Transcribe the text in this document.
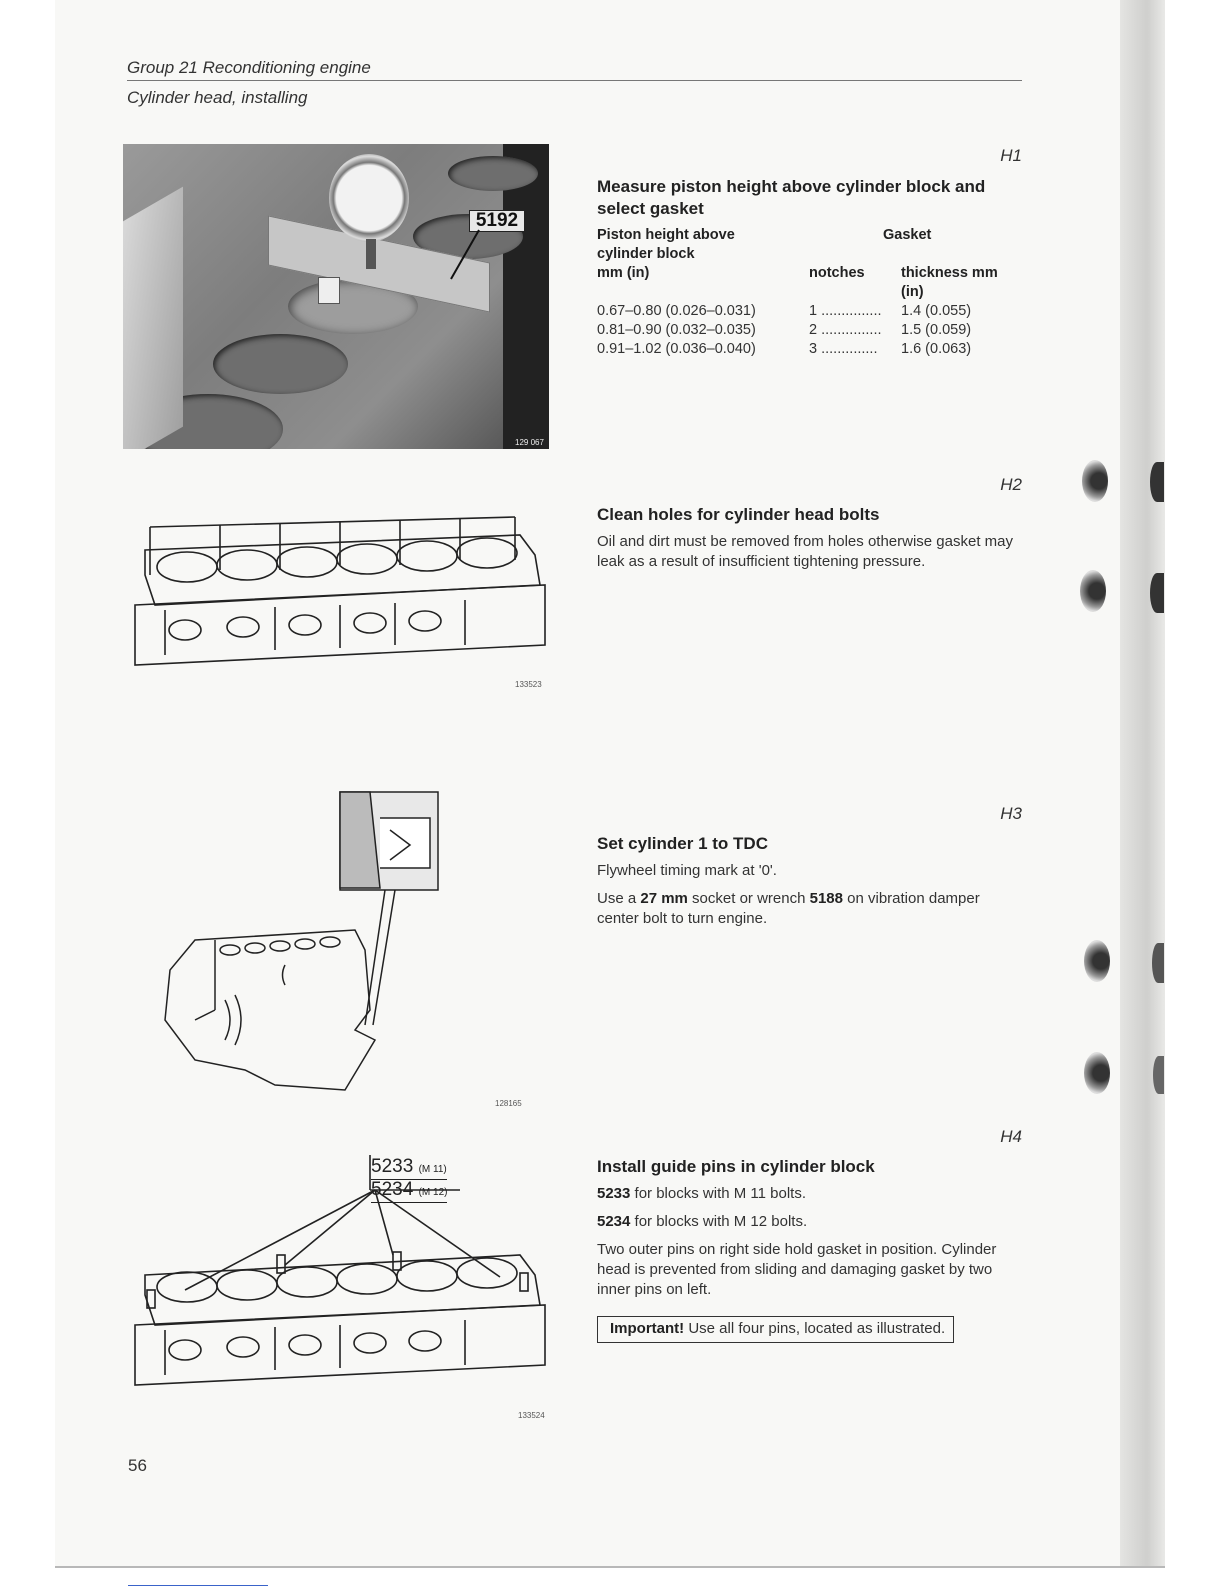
Group 21 Reconditioning engine
Cylinder head, installing
5192
129 067
H1
Measure piston height above cylinder block and select gasket
Piston height above
cylinder block
mm (in)	notches	Gasket

thickness mm
(in)
0.67–0.80 (0.026–0.031)	1 ...............	1.4 (0.055)
0.81–0.90 (0.032–0.035)	2 ...............	1.5 (0.059)
0.91–1.02 (0.036–0.040)	3 ..............	1.6 (0.063)
133523
H2
Clean holes for cylinder head bolts

Oil and dirt must be removed from holes otherwise gasket may leak as a result of insufficient tightening pressure.

128165
H3
Set cylinder 1 to TDC

Flywheel timing mark at '0'.

Use a 27 mm socket or wrench 5188 on vibration damper center bolt to turn engine.

133524
5233 (M 11)
5234 (M 12)
H4
Install guide pins in cylinder block

5233 for blocks with M 11 bolts.

5234 for blocks with M 12 bolts.

Two outer pins on right side hold gasket in position. Cylinder head is prevented from sliding and damaging gasket by two inner pins on left.

Important! Use all four pins, located as illustrated.
56
